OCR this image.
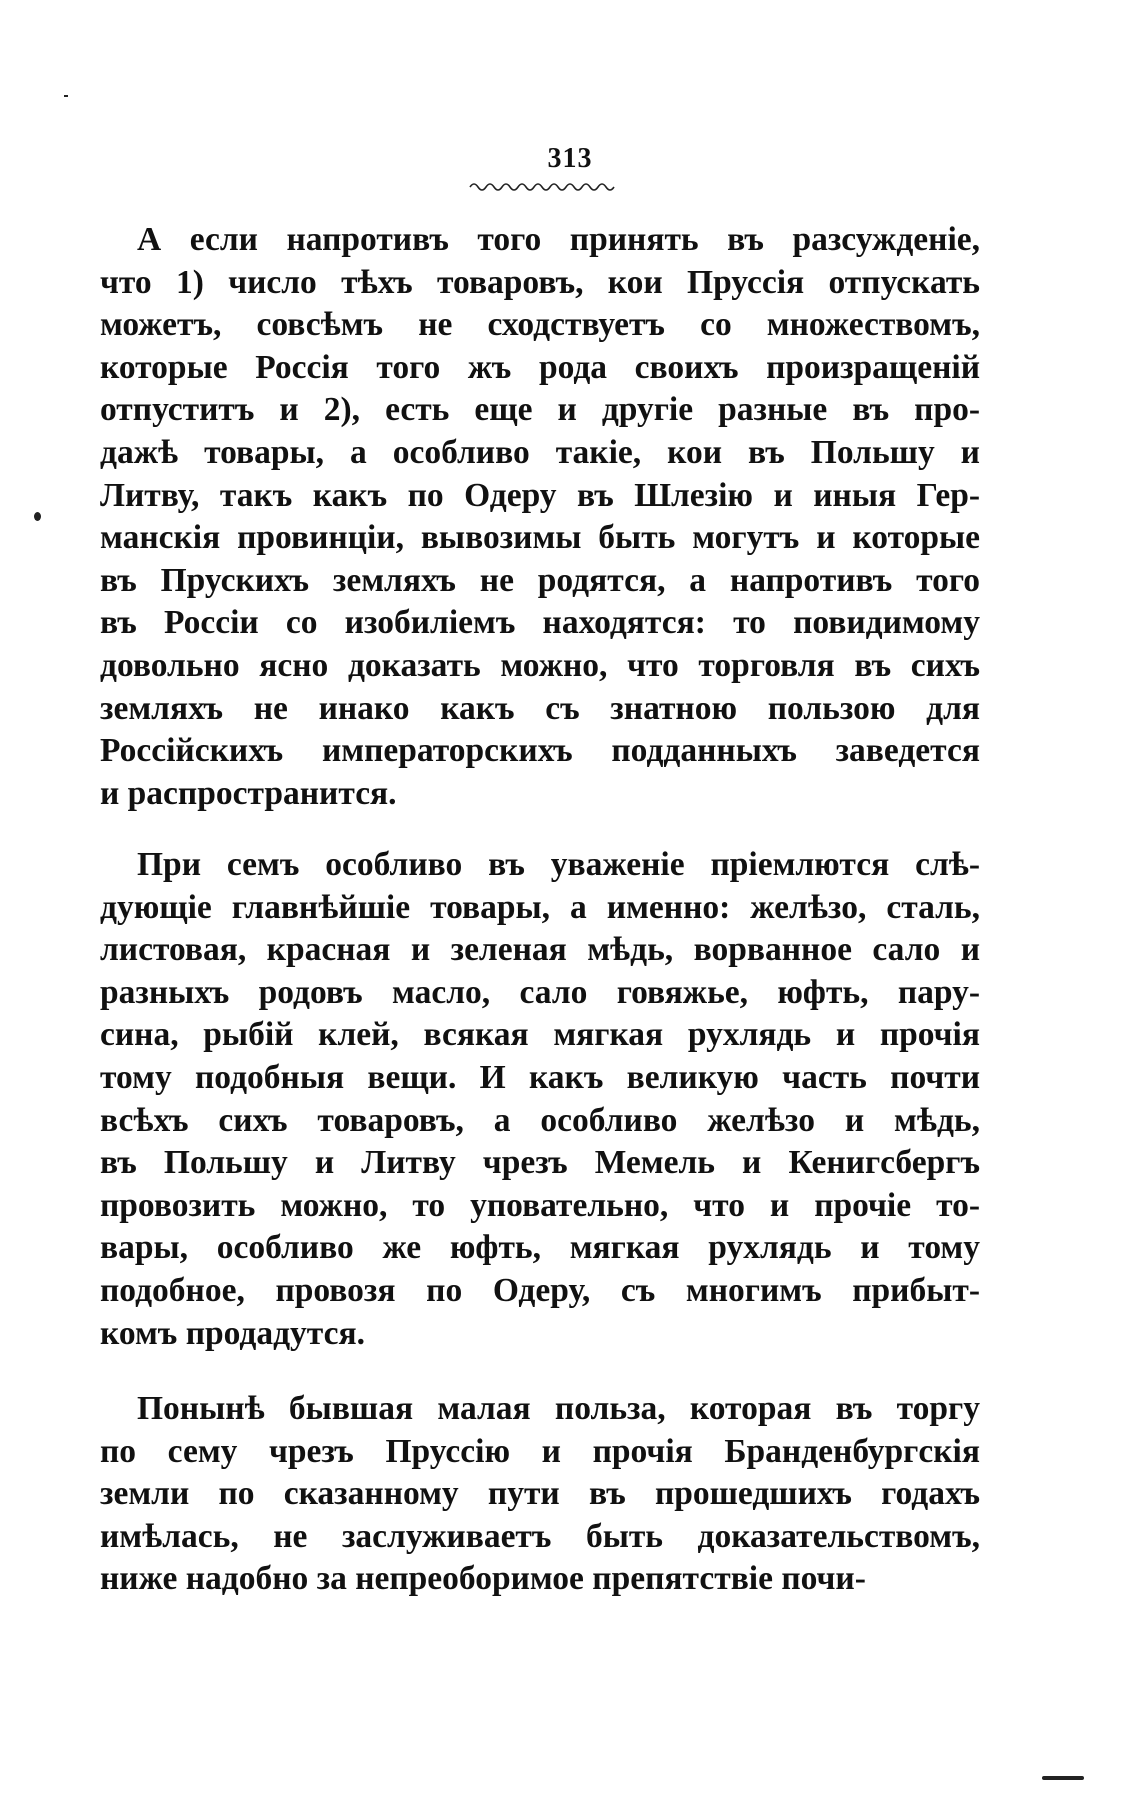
313
А если напротивъ того принять въ разсужденіе,
что 1) число тѣхъ товаровъ, кои Пруссія отпускать
можетъ, совсѣмъ не сходствуетъ со множествомъ,
которые Россія того жъ рода своихъ произращеній
отпуститъ и 2), есть еще и другіе разные въ про-
дажѣ товары, а особливо такіе, кои въ Польшу и
Литву, такъ какъ по Одеру въ Шлезію и иныя Гер-
манскія провинціи, вывозимы быть могутъ и которые
въ Прускихъ земляхъ не родятся, а напротивъ того
въ Россіи со изобиліемъ находятся: то повидимому
довольно ясно доказать можно, что торговля въ сихъ
земляхъ не инако какъ съ знатною пользою для
Россійскихъ императорскихъ подданныхъ заведется
и распространится.
При семъ особливо въ уваженіе пріемлются слѣ-
дующіе главнѣйшіе товары, а именно: желѣзо, сталь,
листовая, красная и зеленая мѣдь, ворванное сало и
разныхъ родовъ масло, сало говяжье, юфть, пару-
сина, рыбій клей, всякая мягкая рухлядь и прочія
тому подобныя вещи. И какъ великую часть почти
всѣхъ сихъ товаровъ, а особливо желѣзо и мѣдь,
въ Польшу и Литву чрезъ Мемель и Кенигсбергъ
провозить можно, то уповательно, что и прочіе то-
вары, особливо же юфть, мягкая рухлядь и тому
подобное, провозя по Одеру, съ многимъ прибыт-
комъ продадутся.
Понынѣ бывшая малая польза, которая въ торгу
по сему чрезъ Пруссію и прочія Бранденбургскія
земли по сказанному пути въ прошедшихъ годахъ
имѣлась, не заслуживаетъ быть доказательствомъ,
ниже надобно за непреоборимое препятствіе почи-
